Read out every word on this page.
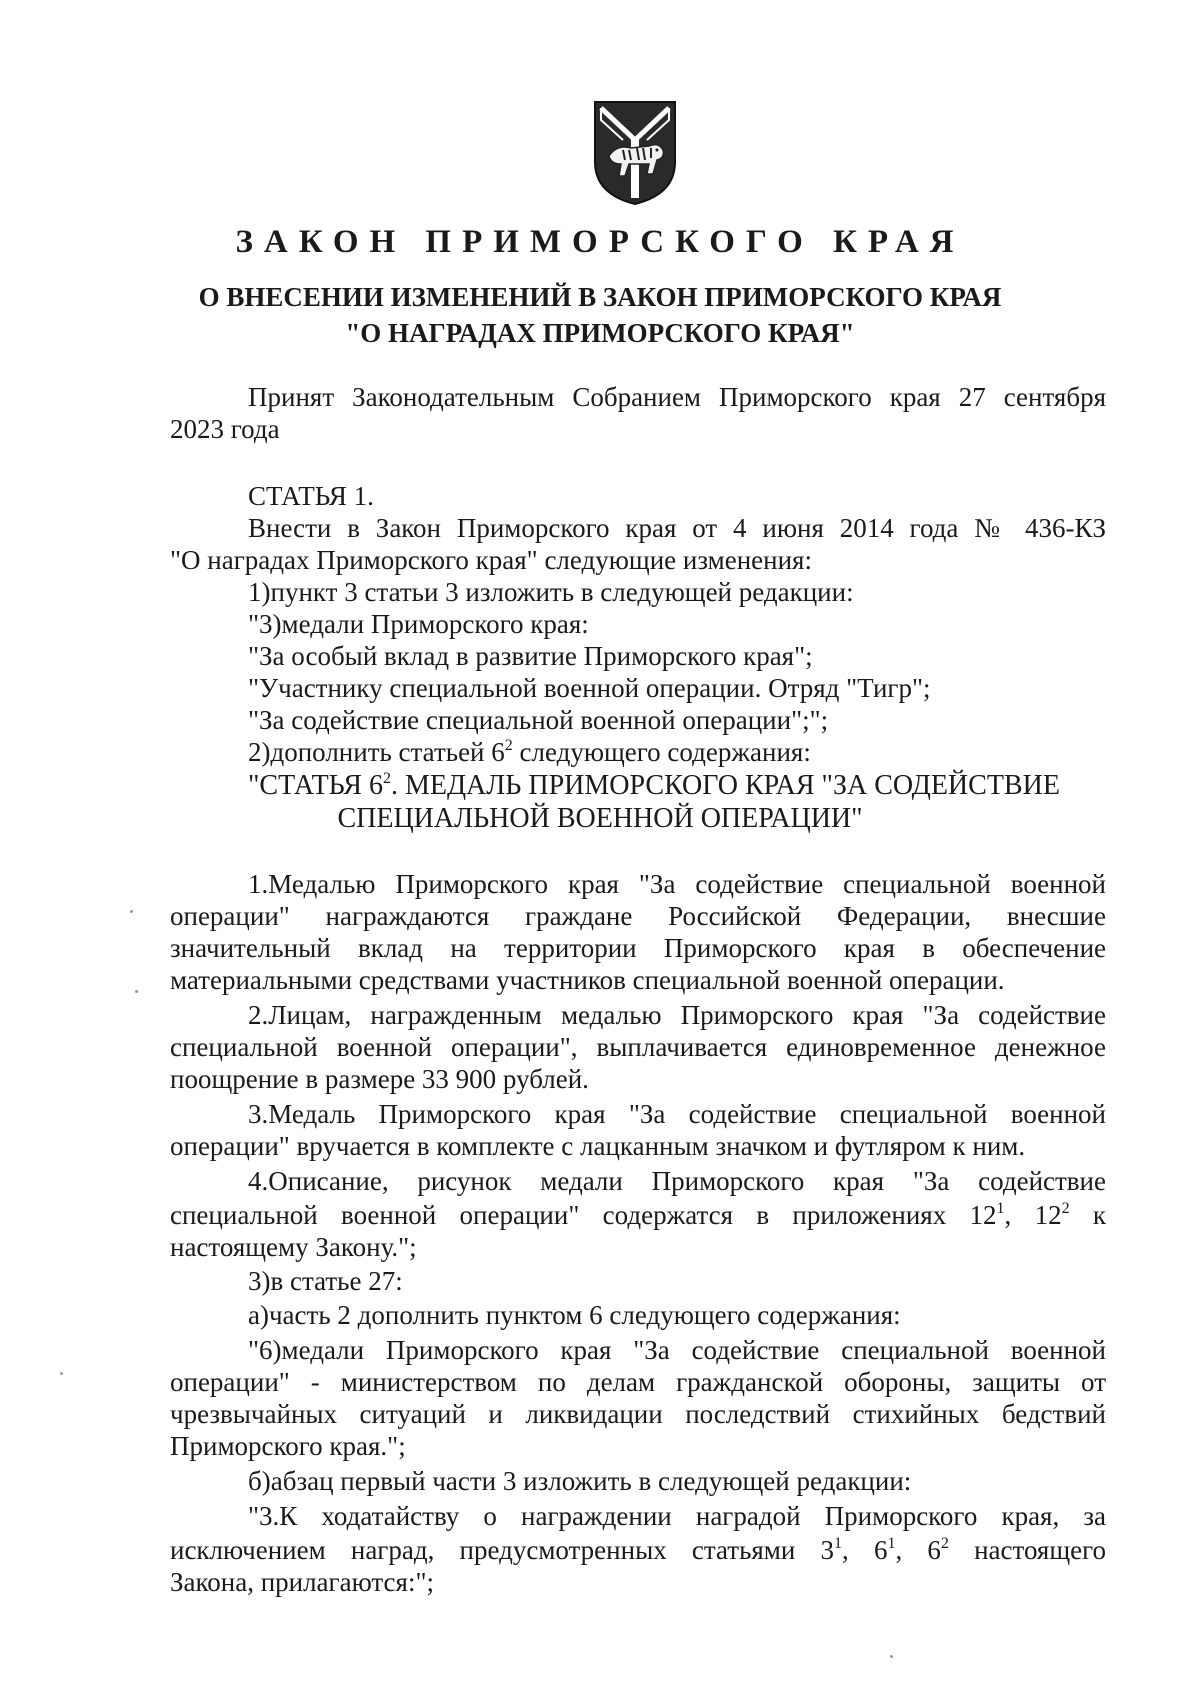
ЗАКОН ПРИМОРСКОГО КРАЯ
О ВНЕСЕНИИ ИЗМЕНЕНИЙ В ЗАКОН ПРИМОРСКОГО КРАЯ
"О НАГРАДАХ ПРИМОРСКОГО КРАЯ"
Принят Законодательным Собранием Приморского края 27 сентября
2023 года
СТАТЬЯ 1.
Внести в Закон Приморского края от 4 июня 2014 года № 436-КЗ
"О наградах Приморского края" следующие изменения:
1)пункт 3 статьи 3 изложить в следующей редакции:
"3)медали Приморского края:
"За особый вклад в развитие Приморского края";
"Участнику специальной военной операции. Отряд "Тигр";
"За содействие специальной военной операции";";
2)дополнить статьей $6^2$ следующего содержания:
"СТАТЬЯ $6^2$. МЕДАЛЬ ПРИМОРСКОГО КРАЯ "ЗА СОДЕЙСТВИЕ
СПЕЦИАЛЬНОЙ ВОЕННОЙ ОПЕРАЦИИ"
1.Медалью Приморского края "За содействие специальной военной
операции" награждаются граждане Российской Федерации, внесшие
значительный вклад на территории Приморского края в обеспечение
материальными средствами участников специальной военной операции.
2.Лицам, награжденным медалью Приморского края "За содействие
специальной военной операции", выплачивается единовременное денежное
поощрение в размере 33 900 рублей.
3.Медаль Приморского края "За содействие специальной военной
операции" вручается в комплекте с лацканным значком и футляром к ним.
4.Описание, рисунок медали Приморского края "За содействие
специальной военной операции" содержатся в приложениях $12^1$, $12^2$ к
настоящему Закону.";
3)в статье 27:
а)часть 2 дополнить пунктом 6 следующего содержания:
"6)медали Приморского края "За содействие специальной военной
операции" - министерством по делам гражданской обороны, защиты от
чрезвычайных ситуаций и ликвидации последствий стихийных бедствий
Приморского края.";
б)абзац первый части 3 изложить в следующей редакции:
"3.К ходатайству о награждении наградой Приморского края, за
исключением наград, предусмотренных статьями $3^1$, $6^1$, $6^2$ настоящего
Закона, прилагаются:";
